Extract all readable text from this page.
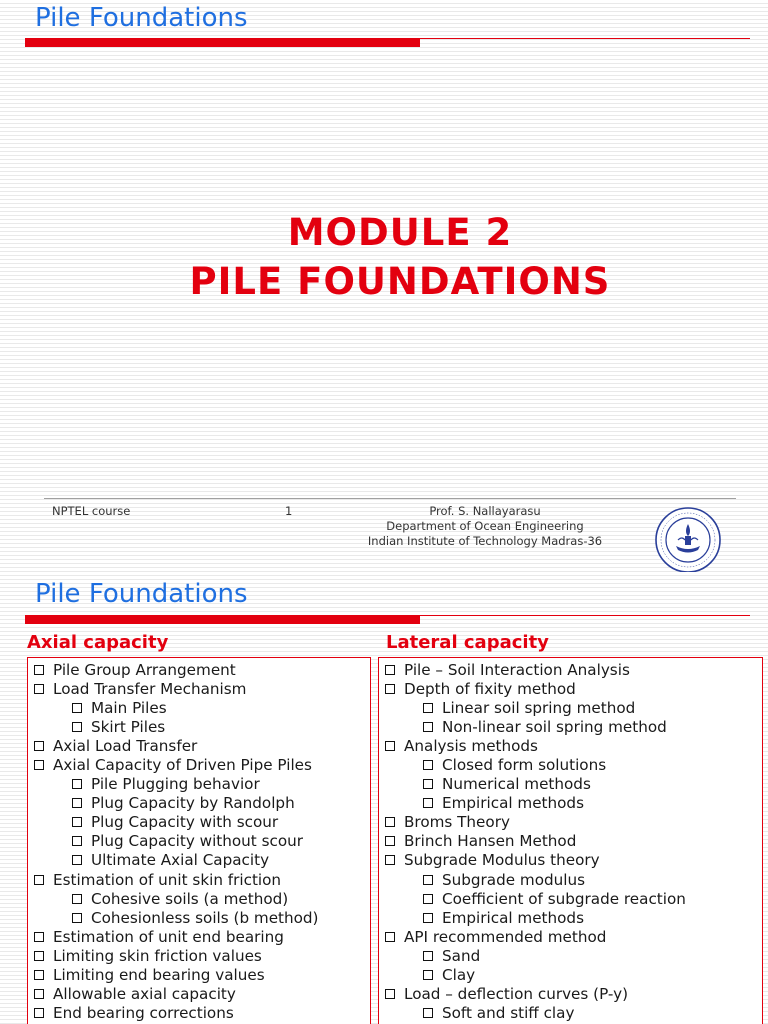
Pile Foundations
MODULE 2
PILE FOUNDATIONS
NPTEL course	1	Prof. S. Nallayarasu
Department of Ocean Engineering
Indian Institute of Technology Madras-36
Pile Foundations
Axial capacity	Lateral capacity
Pile Group Arrangement
Load Transfer Mechanism
Main Piles
Skirt Piles
Axial Load Transfer
Axial Capacity of Driven Pipe Piles
Pile Plugging behavior
Plug Capacity by Randolph
Plug Capacity with scour
Plug Capacity without scour
Ultimate Axial Capacity
Estimation of unit skin friction
Cohesive soils (a method)
Cohesionless soils (b method)
Estimation of unit end bearing
Limiting skin friction values
Limiting end bearing values
Allowable axial capacity
End bearing corrections
Pile – Soil Interaction Analysis
Depth of fixity method
Linear soil spring method
Non-linear soil spring method
Analysis methods
Closed form solutions
Numerical methods
Empirical methods
Broms Theory
Brinch Hansen Method
Subgrade Modulus theory
Subgrade modulus
Coefficient of subgrade reaction
Empirical methods
API recommended method
Sand
Clay
Load – deflection curves (P-y)
Soft and stiff clay
